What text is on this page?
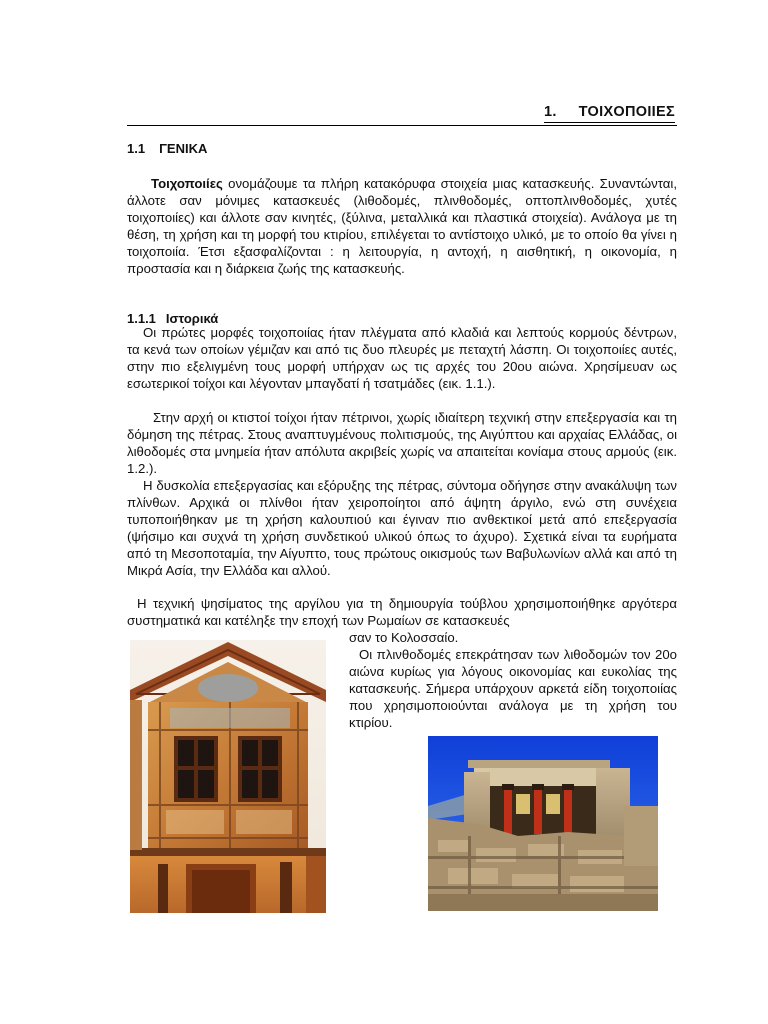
1. ΤΟΙΧΟΠΟΙΙΕΣ
1.1 ΓΕΝΙΚΑ

Τοιχοποιίες ονομάζουμε τα πλήρη κατακόρυφα στοιχεία μιας κατασκευής. Συναντώνται, άλλοτε σαν μόνιμες κατασκευές (λιθοδομές, πλινθοδομές, οπτοπλινθοδομές, χυτές τοιχοποιίες) και άλλοτε σαν κινητές, (ξύλινα, μεταλλικά και πλαστικά στοιχεία). Ανάλογα με τη θέση, τη χρήση και τη μορφή του κτιρίου, επιλέγεται το αντίστοιχο υλικό, με το οποίο θα γίνει η τοιχοποιία. Έτσι εξασφαλίζονται : η λειτουργία, η αντοχή, η αισθητική, η οικονομία, η προστασία και η διάρκεια ζωής της κατασκευής.

1.1.1 Ιστορικά

Οι πρώτες μορφές τοιχοποιίας ήταν πλέγματα από κλαδιά και λεπτούς κορμούς δέντρων, τα κενά των οποίων γέμιζαν και από τις δυο πλευρές με πεταχτή λάσπη. Οι τοιχοποιίες αυτές, στην πιο εξελιγμένη τους μορφή υπήρχαν ως τις αρχές του 20ου αιώνα. Χρησίμευαν ως εσωτερικοί τοίχοι και λέγονταν μπαγδατί ή τσατμάδες (εικ. 1.1.).

Στην αρχή οι κτιστοί τοίχοι ήταν πέτρινοι, χωρίς ιδιαίτερη τεχνική στην επεξεργασία και τη δόμηση της πέτρας. Στους αναπτυγμένους πολιτισμούς, της Αιγύπτου και αρχαίας Ελλάδας, οι λιθοδομές στα μνημεία ήταν απόλυτα ακριβείς χωρίς να απαιτείται κονίαμα στους αρμούς (εικ. 1.2.).

Η δυσκολία επεξεργασίας και εξόρυξης της πέτρας, σύντομα οδήγησε στην ανακάλυψη των πλίνθων. Αρχικά οι πλίνθοι ήταν χειροποίητοι από άψητη άργιλο, ενώ στη συνέχεια τυποποιήθηκαν με τη χρήση καλουπιού και έγιναν πιο ανθεκτικοί μετά από επεξεργασία (ψήσιμο και συχνά τη χρήση συνδετικού υλικού όπως το άχυρο). Σχετικά είναι τα ευρήματα από τη Μεσοποταμία, την Αίγυπτο, τους πρώτους οικισμούς των Βαβυλωνίων αλλά και από τη Μικρά Ασία, την Ελλάδα και αλλού.

Η τεχνική ψησίματος της αργίλου για τη δημιουργία τούβλου χρησιμοποιήθηκε αργότερα συστηματικά και κατέληξε την εποχή των Ρωμαίων σε κατασκευές

σαν το Κολοσσαίο.

Οι πλινθοδομές επεκράτησαν των λιθοδομών τον 20ο αιώνα κυρίως για λόγους οικονομίας και ευκολίας της κατασκευής. Σήμερα υπάρχουν αρκετά είδη τοιχοποιίας που χρησιμοποιούνται ανάλογα με τη χρήση του κτιρίου.
